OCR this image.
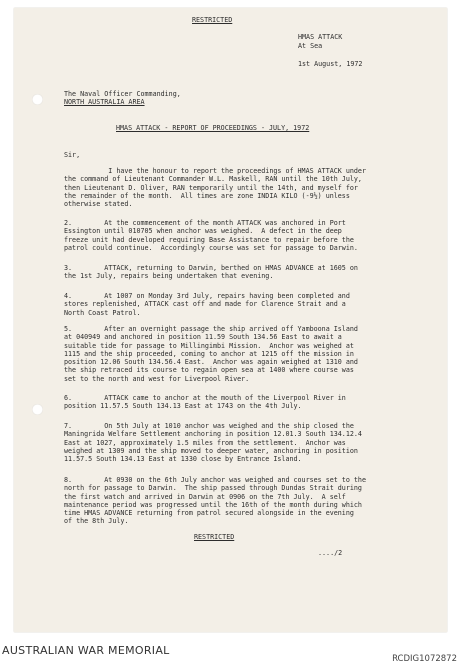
RESTRICTED
HMAS ATTACK
At Sea
1st August, 1972
The Naval Officer Commanding,
NORTH AUSTRALIA AREA
HMAS ATTACK - REPORT OF PROCEEDINGS - JULY, 1972
Sir,
I have the honour to report the proceedings of HMAS ATTACK under
the command of Lieutenant Commander W.L. Maskell, RAN until the 10th July,
then Lieutenant D. Oliver, RAN temporarily until the 14th, and myself for
the remainder of the month.  All times are zone INDIA KILO (-9½) unless
otherwise stated.
2.        At the commencement of the month ATTACK was anchored in Port
Essington until 010705 when anchor was weighed.  A defect in the deep
freeze unit had developed requiring Base Assistance to repair before the
patrol could continue.  Accordingly course was set for passage to Darwin.
3.        ATTACK, returning to Darwin, berthed on HMAS ADVANCE at 1605 on
the 1st July, repairs being undertaken that evening.
4.        At 1007 on Monday 3rd July, repairs having been completed and
stores replenished, ATTACK cast off and made for Clarence Strait and a
North Coast Patrol.
5.        After an overnight passage the ship arrived off Yamboona Island
at 040949 and anchored in position 11.59 South 134.56 East to await a
suitable tide for passage to Millingimbi Mission.  Anchor was weighed at
1115 and the ship proceeded, coming to anchor at 1215 off the mission in
position 12.06 South 134.56.4 East.  Anchor was again weighed at 1310 and
the ship retraced its course to regain open sea at 1400 where course was
set to the north and west for Liverpool River.
6.        ATTACK came to anchor at the mouth of the Liverpool River in
position 11.57.5 South 134.13 East at 1743 on the 4th July.
7.        On 5th July at 1010 anchor was weighed and the ship closed the
Maningrida Welfare Settlement anchoring in position 12.01.3 South 134.12.4
East at 1027, approximately 1.5 miles from the settlement.  Anchor was
weighed at 1309 and the ship moved to deeper water, anchoring in position
11.57.5 South 134.13 East at 1330 close by Entrance Island.
8.        At 0930 on the 6th July anchor was weighed and courses set to the
north for passage to Darwin.  The ship passed through Dundas Strait during
the first watch and arrived in Darwin at 0906 on the 7th July.  A self
maintenance period was progressed until the 16th of the month during which
time HMAS ADVANCE returning from patrol secured alongside in the evening
of the 8th July.
RESTRICTED
..../2
AUSTRALIAN WAR MEMORIAL
RCDIG1072872
